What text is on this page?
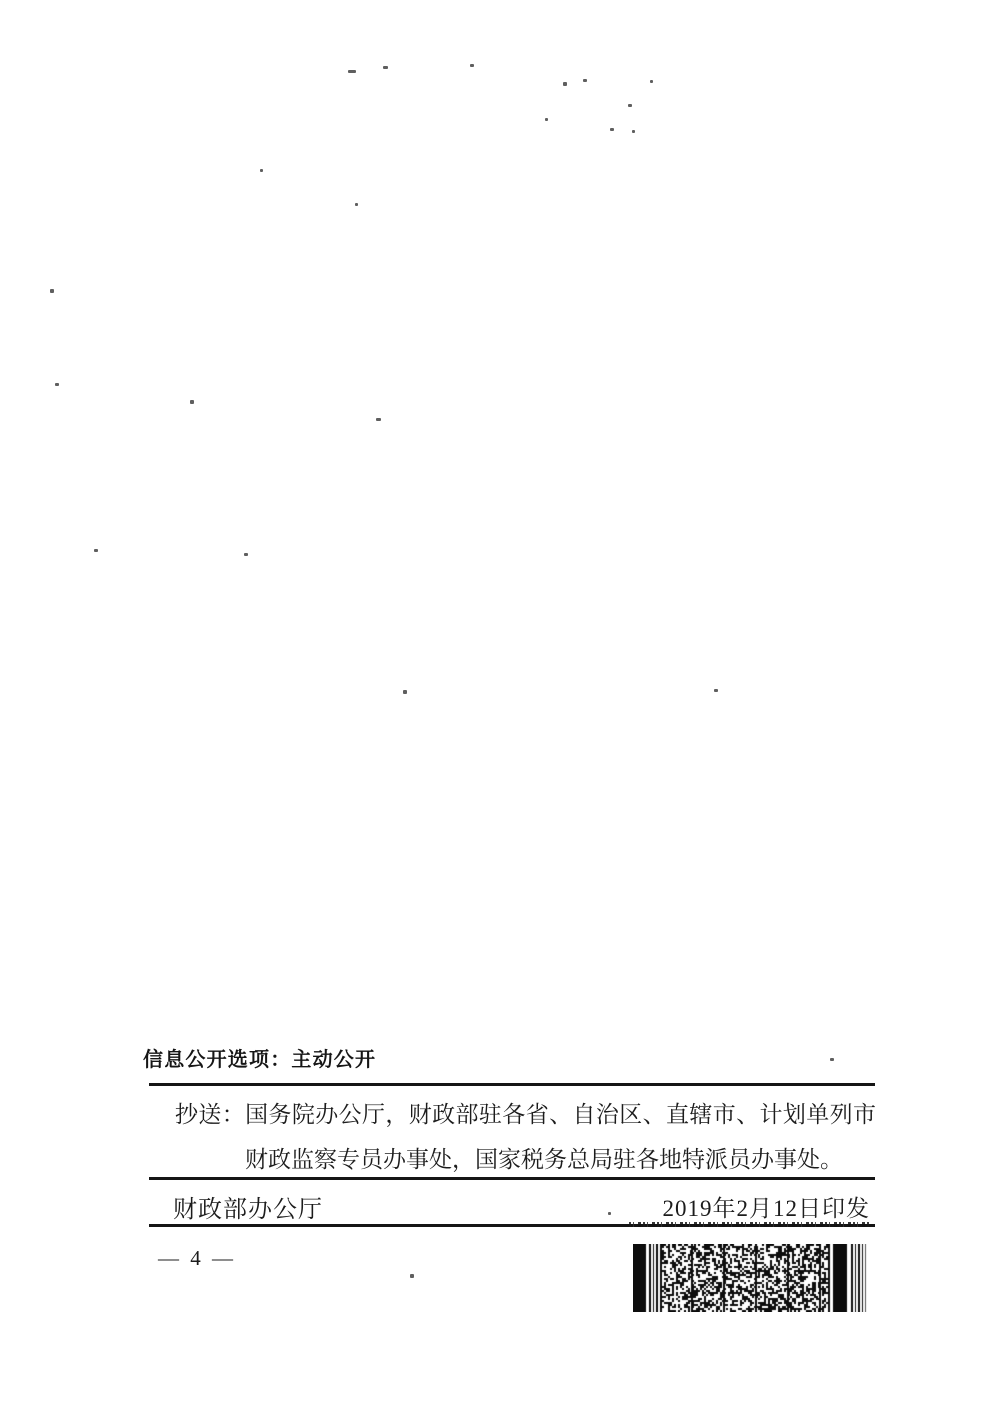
信息公开选项：主动公开
抄送：国务院办公厅，财政部驻各省、自治区、直辖市、计划单列市
财政监察专员办事处，国家税务总局驻各地特派员办事处。
财政部办公厅	2019年2月12日印发
— 4 —
